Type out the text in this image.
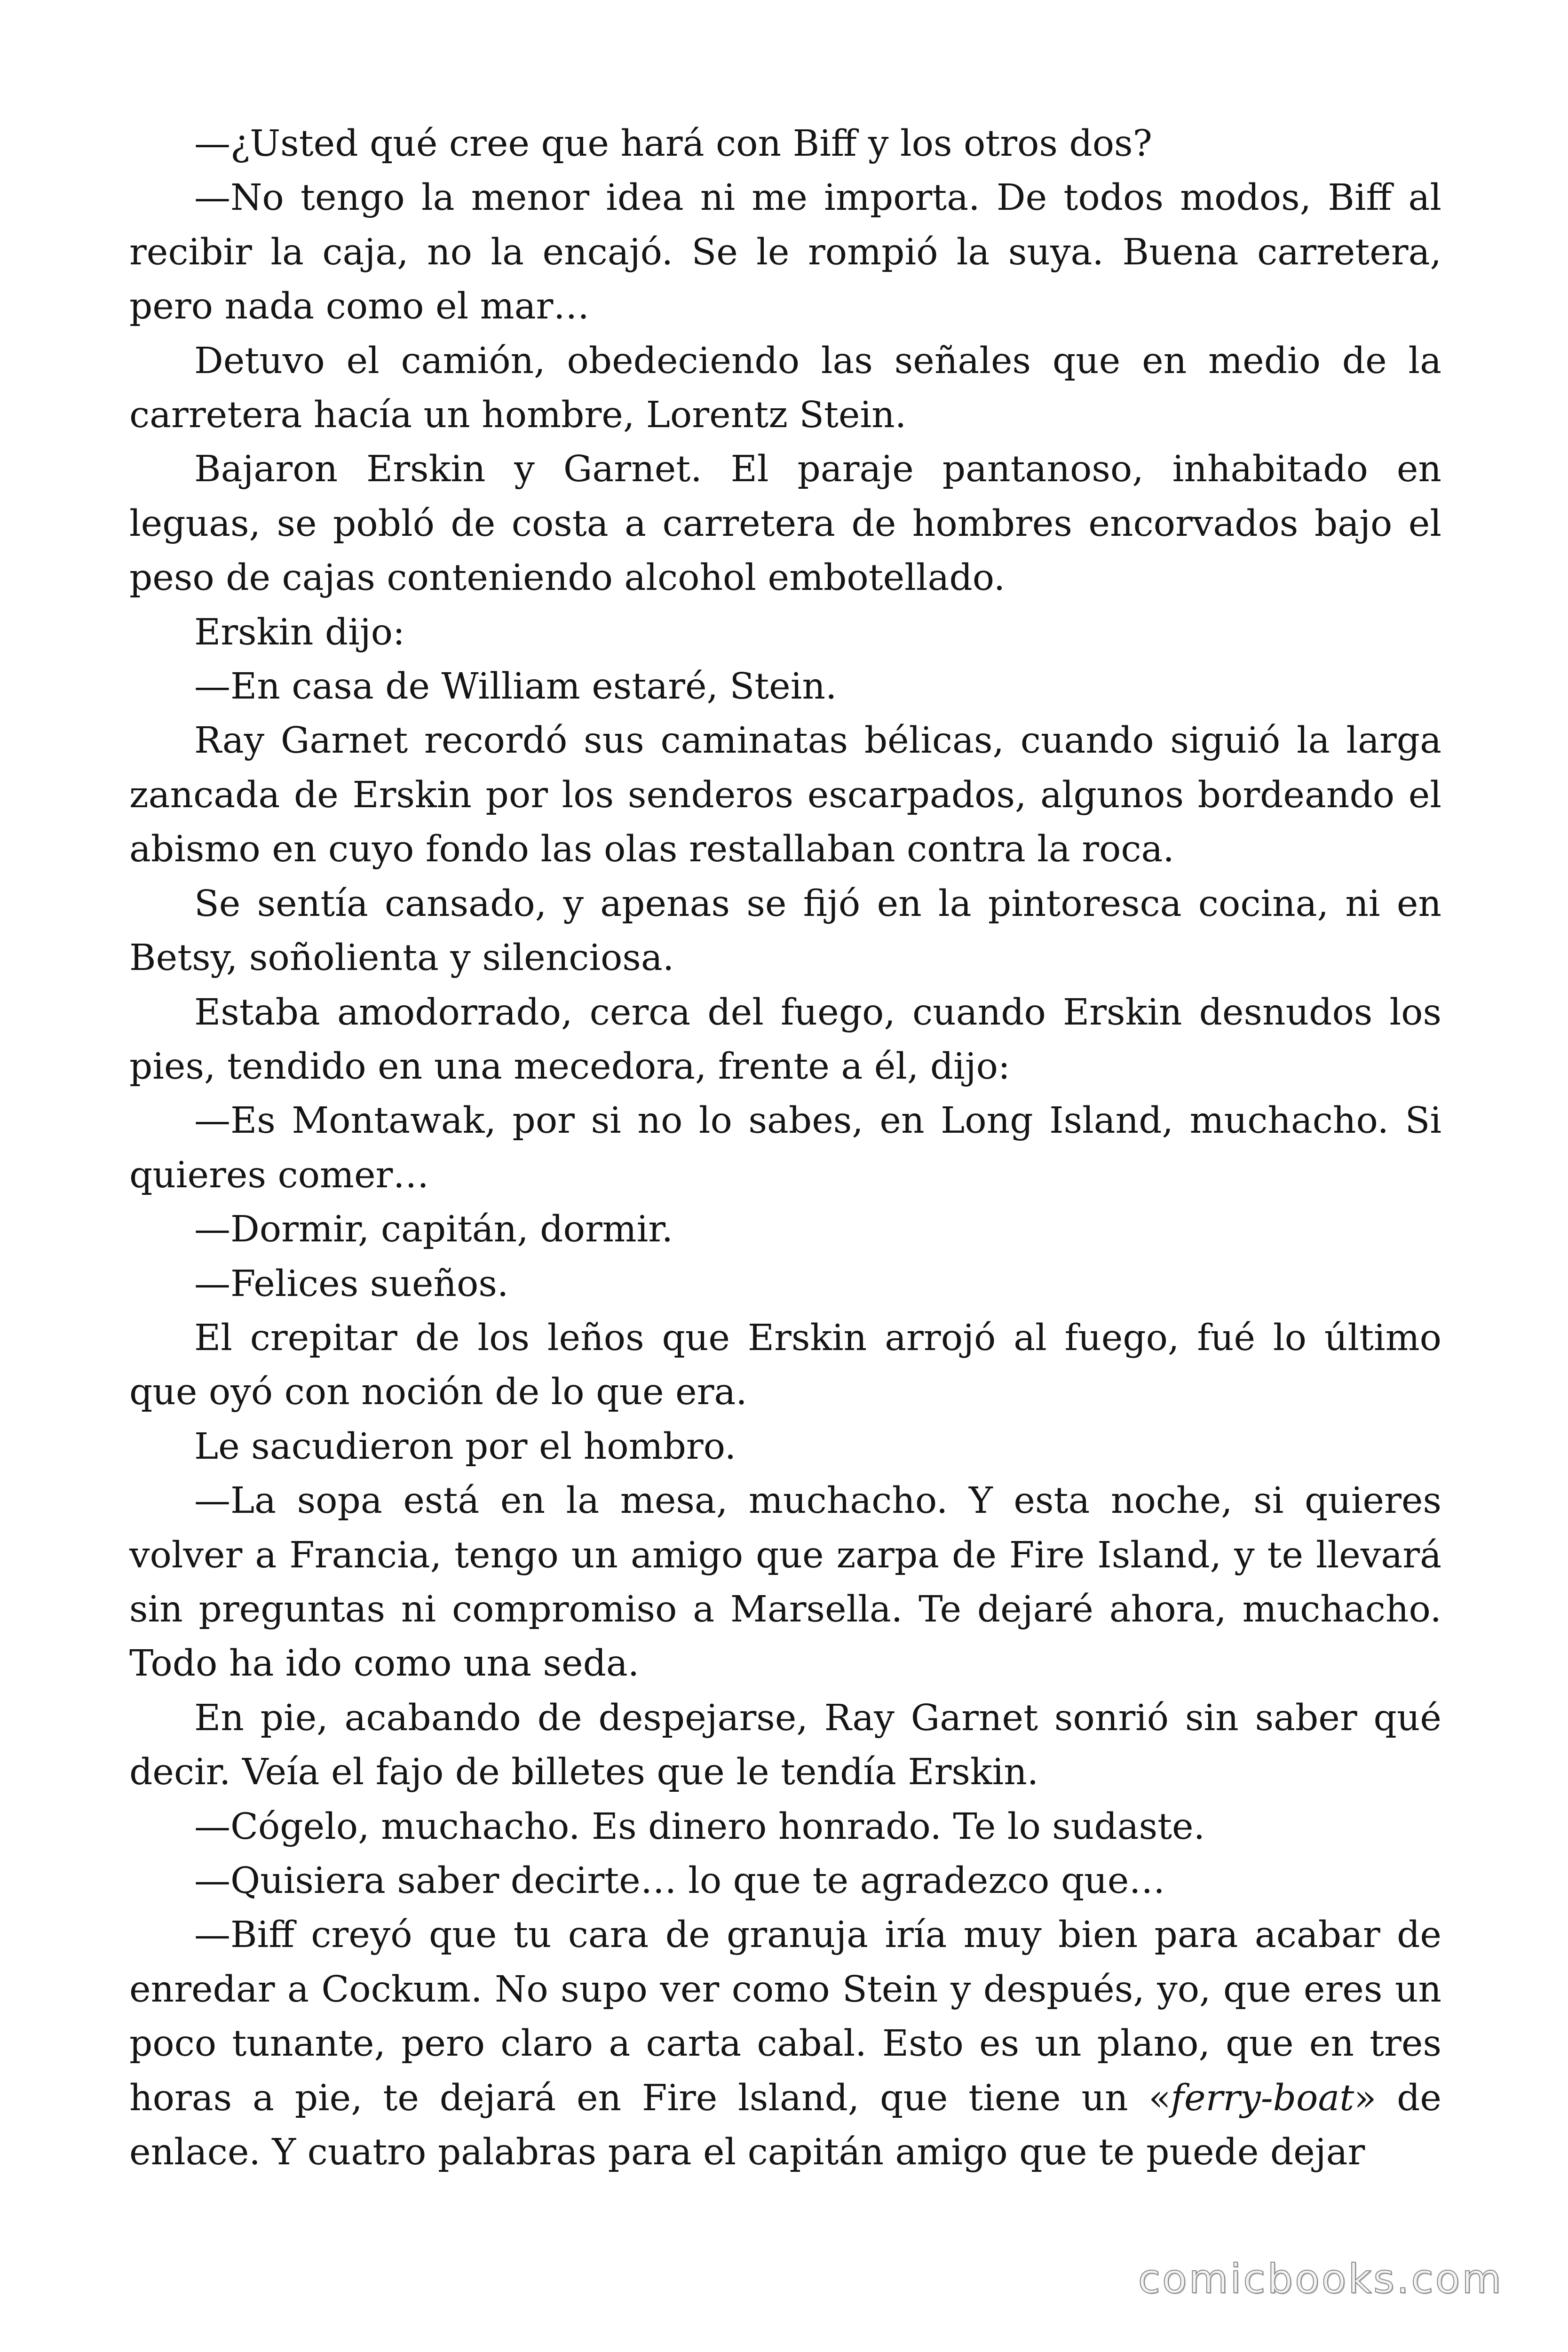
—¿Usted qué cree que hará con Biff y los otros dos?

—No tengo la menor idea ni me importa. De todos modos, Biff al recibir la caja, no la encajó. Se le rompió la suya. Buena carretera, pero nada como el mar…

Detuvo el camión, obedeciendo las señales que en medio de la carretera hacía un hombre, Lorentz Stein.

Bajaron Erskin y Garnet. El paraje pantanoso, inhabitado en leguas, se pobló de costa a carretera de hombres encorvados bajo el peso de cajas conteniendo alcohol embotellado.

Erskin dijo:

—En casa de William estaré, Stein.

Ray Garnet recordó sus caminatas bélicas, cuando siguió la larga zancada de Erskin por los senderos escarpados, algunos bordeando el abismo en cuyo fondo las olas restallaban contra la roca.

Se sentía cansado, y apenas se fijó en la pintoresca cocina, ni en Betsy, soñolienta y silenciosa.

Estaba amodorrado, cerca del fuego, cuando Erskin desnudos los pies, tendido en una mecedora, frente a él, dijo:

—Es Montawak, por si no lo sabes, en Long Island, muchacho. Si quieres comer…

—Dormir, capitán, dormir.

—Felices sueños.

El crepitar de los leños que Erskin arrojó al fuego, fué lo último que oyó con noción de lo que era.

Le sacudieron por el hombro.

—La sopa está en la mesa, muchacho. Y esta noche, si quieres volver a Francia, tengo un amigo que zarpa de Fire Island, y te llevará sin preguntas ni compromiso a Marsella. Te dejaré ahora, muchacho. Todo ha ido como una seda.

En pie, acabando de despejarse, Ray Garnet sonrió sin saber qué decir. Veía el fajo de billetes que le tendía Erskin.

—Cógelo, muchacho. Es dinero honrado. Te lo sudaste.

—Quisiera saber decirte… lo que te agradezco que…

—Biff creyó que tu cara de granuja iría muy bien para acabar de enredar a Cockum. No supo ver como Stein y después, yo, que eres un poco tunante, pero claro a carta cabal. Esto es un plano, que en tres horas a pie, te dejará en Fire lsland, que tiene un «ferry-boat» de enlace. Y cuatro palabras para el capitán amigo que te puede dejar

comicbooks.com
